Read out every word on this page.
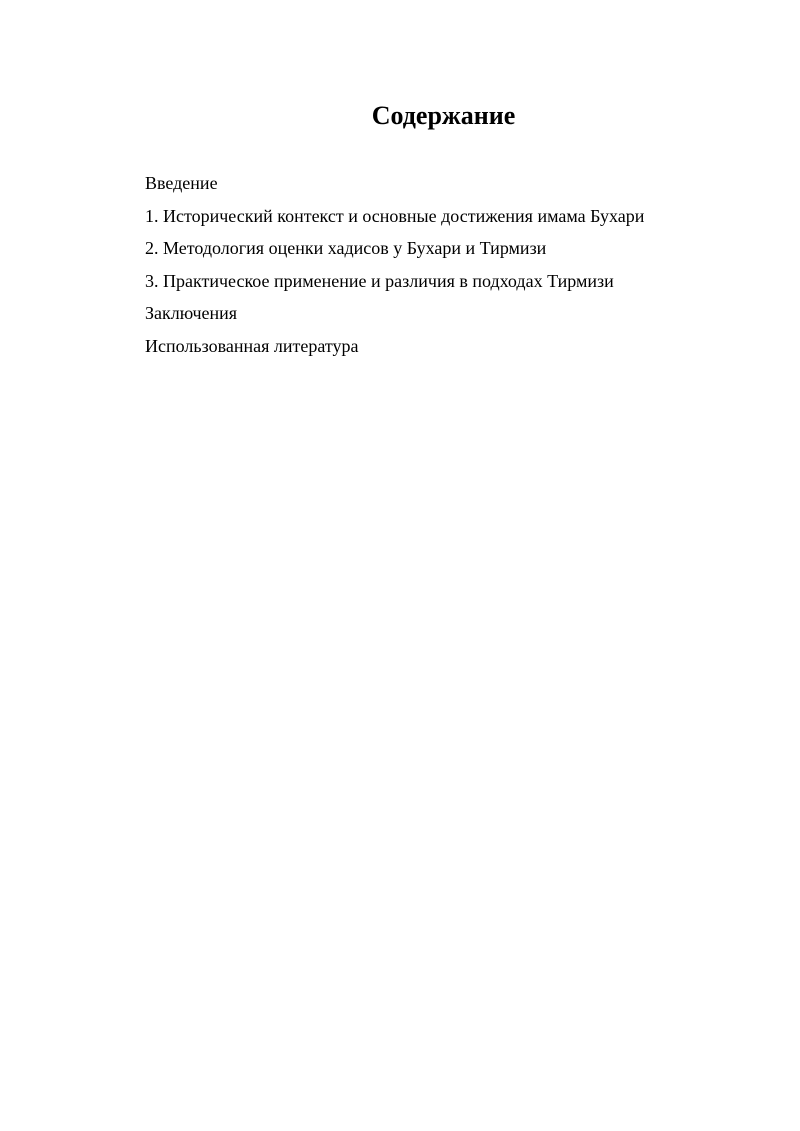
Содержание
Введение
1. Исторический контекст и основные достижения имама Бухари
2. Методология оценки хадисов у Бухари и Тирмизи
3. Практическое применение и различия в подходах Тирмизи
Заключения
Использованная литература
